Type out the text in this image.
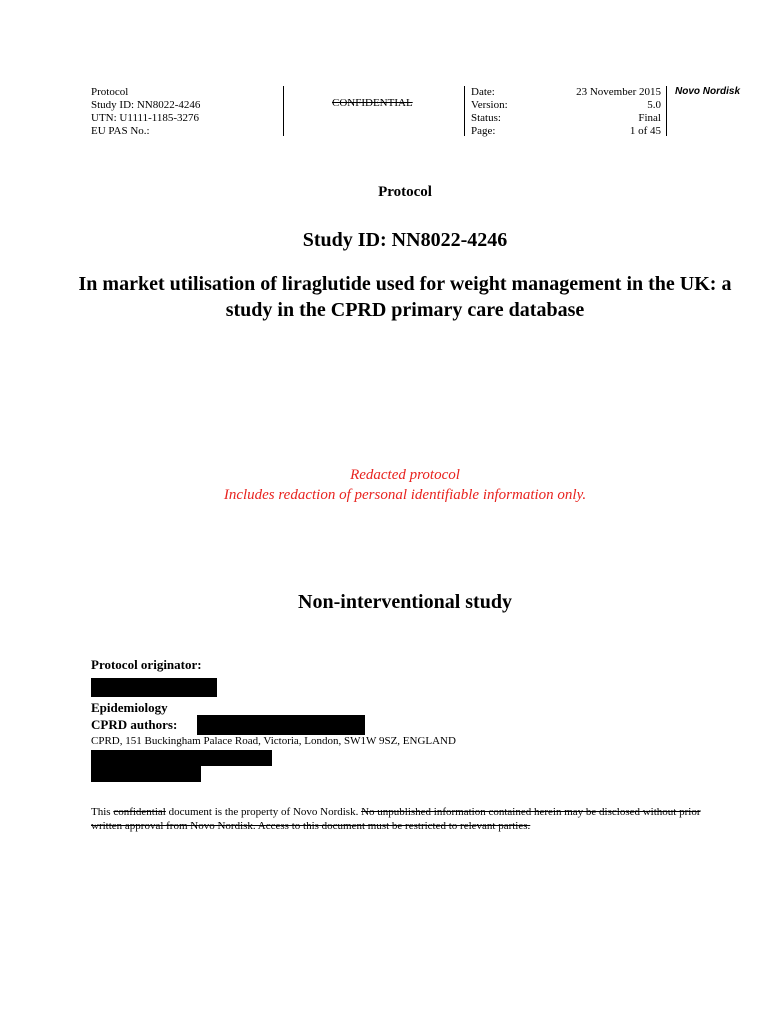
Protocol
Study ID: NN8022-4246
UTN: U1111-1185-3276
EU PAS No.:
CONFIDENTIAL
Date:
Version:
Status:
Page:
23 November 2015
5.0
Final
1 of 45
Novo Nordisk
Protocol
Study ID: NN8022-4246
In market utilisation of liraglutide used for weight management in the UK: a study in the CPRD primary care database
Redacted protocol
Includes redaction of personal identifiable information only.
Non-interventional study
Protocol originator:
Epidemiology
CPRD authors:
CPRD, 151 Buckingham Palace Road, Victoria, London, SW1W 9SZ, ENGLAND
This confidential document is the property of Novo Nordisk. No unpublished information contained herein may be disclosed without prior written approval from Novo Nordisk. Access to this document must be restricted to relevant parties.
